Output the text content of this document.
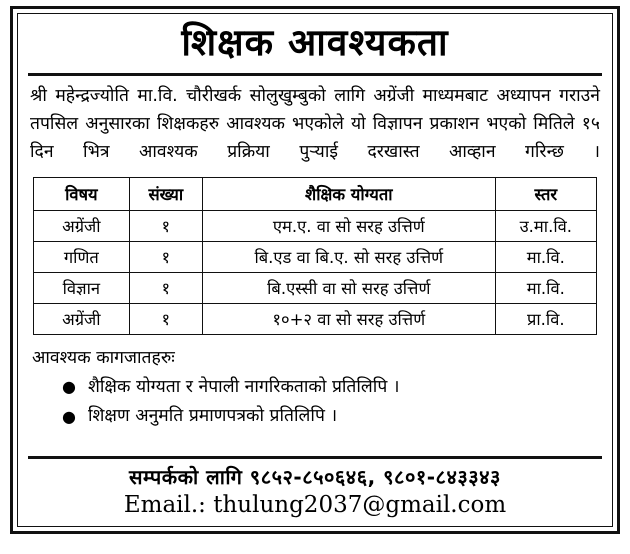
शिक्षक आवश्यकता

श्री महेन्द्रज्योति मा.वि. चौरीखर्क सोलुखुम्बुको लागि अग्रेंजी माध्यमबाट अध्यापन गराउने तपसिल अनुसारका शिक्षकहरु आवश्यक भएकोले यो विज्ञापन प्रकाशन भएको मितिले १५ दिन भित्र आवश्यक प्रक्रिया पुऱ्याई दरखास्त आव्हान गरिन्छ ।

विषय	संख्या	शैक्षिक योग्यता	स्तर
अग्रेंजी	१	एम.ए. वा सो सरह उत्तिर्ण	उ.मा.वि.
गणित	१	बि.एड वा बि.ए. सो सरह उत्तिर्ण	मा.वि.
विज्ञान	१	बि.एस्सी वा सो सरह उत्तिर्ण	मा.वि.
अग्रेंजी	१	१०+२ वा सो सरह उत्तिर्ण	प्रा.वि.
आवश्यक कागजातहरुः
● शैक्षिक योग्यता र नेपाली नागरिकताको प्रतिलिपि ।
● शिक्षण अनुमति प्रमाणपत्रको प्रतिलिपि ।
सम्पर्कको लागि ९८५२-८५०६४६, ९८०१-८४३३४३
Email.: thulung2037@gmail.com
